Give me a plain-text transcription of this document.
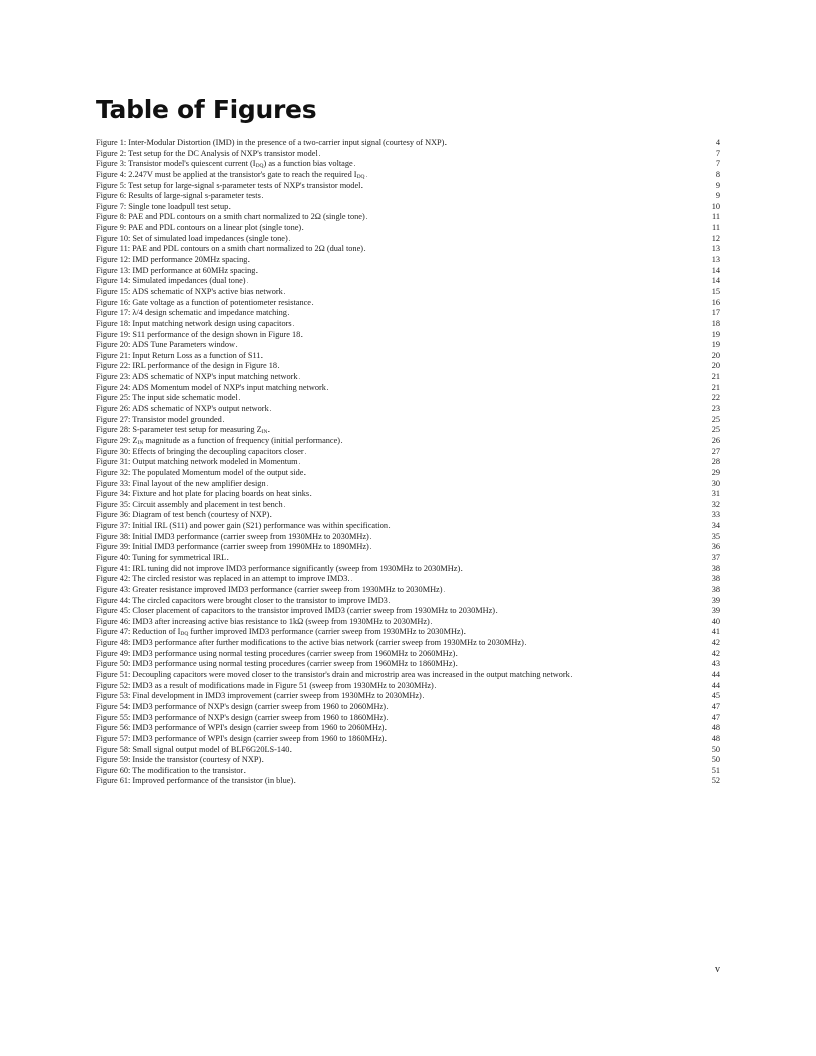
Table of Figures
Figure 1: Inter-Modular Distortion (IMD) in the presence of a two-carrier input signal (courtesy of NXP) . . .	4
Figure 2: Test setup for the DC Analysis of NXP's transistor model . . .	7
Figure 3: Transistor model's quiescent current $(I_{DQ})$ as a function bias voltage . . .	7
Figure 4: 2.247V must be applied at the transistor's gate to reach the required $I_{DQ}$ . . .	8
Figure 5: Test setup for large-signal s-parameter tests of NXP's transistor model . . .	9
Figure 6: Results of large-signal s-parameter tests . . .	9
Figure 7: Single tone loadpull test setup . . .	10
Figure 8: PAE and PDL contours on a smith chart normalized to 2Ω (single tone) . . .	11
Figure 9: PAE and PDL contours on a linear plot (single tone) . . .	11
Figure 10: Set of simulated load impedances (single tone) . . .	12
Figure 11: PAE and PDL contours on a smith chart normalized to 2Ω (dual tone) . . .	13
Figure 12: IMD performance 20MHz spacing . . .	13
Figure 13: IMD performance at 60MHz spacing . . .	14
Figure 14: Simulated impedances (dual tone) . . .	14
Figure 15: ADS schematic of NXP's active bias network . . .	15
Figure 16: Gate voltage as a function of potentiometer resistance . . .	16
Figure 17: λ/4 design schematic and impedance matching . . .	17
Figure 18: Input matching network design using capacitors . . .	18
Figure 19: S11 performance of the design shown in Figure 18 . . .	19
Figure 20: ADS Tune Parameters window . . .	19
Figure 21: Input Return Loss as a function of S11 . . .	20
Figure 22: IRL performance of the design in Figure 18 . . .	20
Figure 23: ADS schematic of NXP's input matching network . . .	21
Figure 24: ADS Momentum model of NXP's input matching network . . .	21
Figure 25: The input side schematic model . . .	22
Figure 26: ADS schematic of NXP's output network . . .	23
Figure 27: Transistor model grounded . . .	25
Figure 28: S-parameter test setup for measuring $Z_{IN}$ . . .	25
Figure 29: $Z_{IN}$ magnitude as a function of frequency (initial performance) . . .	26
Figure 30: Effects of bringing the decoupling capacitors closer . . .	27
Figure 31: Output matching network modeled in Momentum . . .	28
Figure 32: The populated Momentum model of the output side . . .	29
Figure 33: Final layout of the new amplifier design . . .	30
Figure 34: Fixture and hot plate for placing boards on heat sinks . . .	31
Figure 35: Circuit assembly and placement in test bench . . .	32
Figure 36: Diagram of test bench (courtesy of NXP) . . .	33
Figure 37: Initial IRL (S11) and power gain (S21) performance was within specification . . .	34
Figure 38: Initial IMD3 performance (carrier sweep from 1930MHz to 2030MHz) . . .	35
Figure 39: Initial IMD3 performance (carrier sweep from 1990MHz to 1890MHz) . . .	36
Figure 40: Tuning for symmetrical IRL . . .	37
Figure 41: IRL tuning did not improve IMD3 performance significantly (sweep from 1930MHz to 2030MHz) . . .	38
Figure 42: The circled resistor was replaced in an attempt to improve IMD3. . . .	38
Figure 43: Greater resistance improved IMD3 performance (carrier sweep from 1930MHz to 2030MHz) . . .	38
Figure 44: The circled capacitors were brought closer to the transistor to improve IMD3 . . .	39
Figure 45: Closer placement of capacitors to the transistor improved IMD3 (carrier sweep from 1930MHz to 2030MHz) . . .	39
Figure 46: IMD3 after increasing active bias resistance to 1kΩ (sweep from 1930MHz to 2030MHz) . . .	40
Figure 47: Reduction of $I_{DQ}$ further improved IMD3 performance (carrier sweep from 1930MHz to 2030MHz) . . .	41
Figure 48: IMD3 performance after further modifications to the active bias network (carrier sweep from 1930MHz to 2030MHz) . . .	42
Figure 49: IMD3 performance using normal testing procedures (carrier sweep from 1960MHz to 2060MHz) . . .	42
Figure 50: IMD3 performance using normal testing procedures (carrier sweep from 1960MHz to 1860MHz) . . .	43
Figure 51: Decoupling capacitors were moved closer to the transistor's drain and microstrip area was increased in the output matching network . . .	44
Figure 52: IMD3 as a result of modifications made in Figure 51 (sweep from 1930MHz to 2030MHz) . . .	44
Figure 53: Final development in IMD3 improvement (carrier sweep from 1930MHz to 2030MHz) . . .	45
Figure 54: IMD3 performance of NXP's design (carrier sweep from 1960 to 2060MHz) . . .	47
Figure 55: IMD3 performance of NXP's design (carrier sweep from 1960 to 1860MHz) . . .	47
Figure 56: IMD3 performance of WPI's design (carrier sweep from 1960 to 2060MHz) . . .	48
Figure 57: IMD3 performance of WPI's design (carrier sweep from 1960 to 1860MHz) . . .	48
Figure 58: Small signal output model of BLF6G20LS-140 . . .	50
Figure 59: Inside the transistor (courtesy of NXP) . . .	50
Figure 60: The modification to the transistor . . .	51
Figure 61: Improved performance of the transistor (in blue) . . .	52
v
